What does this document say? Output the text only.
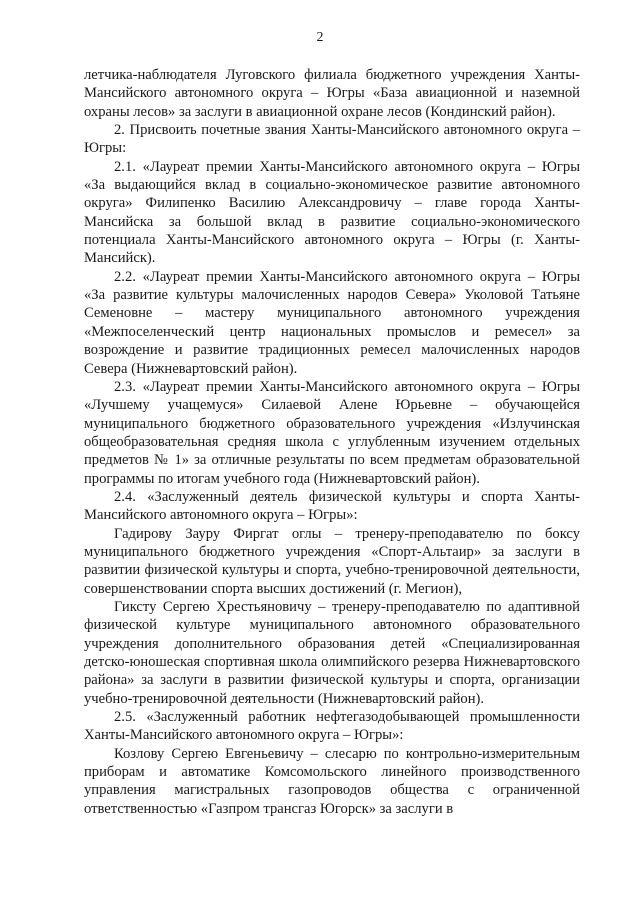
2

летчика-наблюдателя Луговского филиала бюджетного учреждения Ханты-Мансийского автономного округа – Югры «База авиационной и наземной охраны лесов» за заслуги в авиационной охране лесов (Кондинский район).

2. Присвоить почетные звания Ханты-Мансийского автономного округа – Югры:

2.1. «Лауреат премии Ханты-Мансийского автономного округа – Югры «За выдающийся вклад в социально-экономическое развитие автономного округа» Филипенко Василию Александровичу – главе города Ханты-Мансийска за большой вклад в развитие социально-экономического потенциала Ханты-Мансийского автономного округа – Югры (г. Ханты-Мансийск).

2.2. «Лауреат премии Ханты-Мансийского автономного округа – Югры «За развитие культуры малочисленных народов Севера» Уколовой Татьяне Семеновне – мастеру муниципального автономного учреждения «Межпоселенческий центр национальных промыслов и ремесел» за возрождение и развитие традиционных ремесел малочисленных народов Севера (Нижневартовский район).

2.3. «Лауреат премии Ханты-Мансийского автономного округа – Югры «Лучшему учащемуся» Силаевой Алене Юрьевне – обучающейся муниципального бюджетного образовательного учреждения «Излучинская общеобразовательная средняя школа с углубленным изучением отдельных предметов № 1» за отличные результаты по всем предметам образовательной программы по итогам учебного года (Нижневартовский район).

2.4. «Заслуженный деятель физической культуры и спорта Ханты-Мансийского автономного округа – Югры»:

Гадирову Зауру Фиргат оглы – тренеру-преподавателю по боксу муниципального бюджетного учреждения «Спорт-Альтаир» за заслуги в развитии физической культуры и спорта, учебно-тренировочной деятельности, совершенствовании спорта высших достижений (г. Мегион),

Гиксту Сергею Хрестьяновичу – тренеру-преподавателю по адаптивной физической культуре муниципального автономного образовательного учреждения дополнительного образования детей «Специализированная детско-юношеская спортивная школа олимпийского резерва Нижневартовского района» за заслуги в развитии физической культуры и спорта, организации учебно-тренировочной деятельности (Нижневартовский район).

2.5. «Заслуженный работник нефтегазодобывающей промышленности Ханты-Мансийского автономного округа – Югры»:

Козлову Сергею Евгеньевичу – слесарю по контрольно-измерительным приборам и автоматике Комсомольского линейного производственного управления магистральных газопроводов общества с ограниченной ответственностью «Газпром трансгаз Югорск» за заслуги в
